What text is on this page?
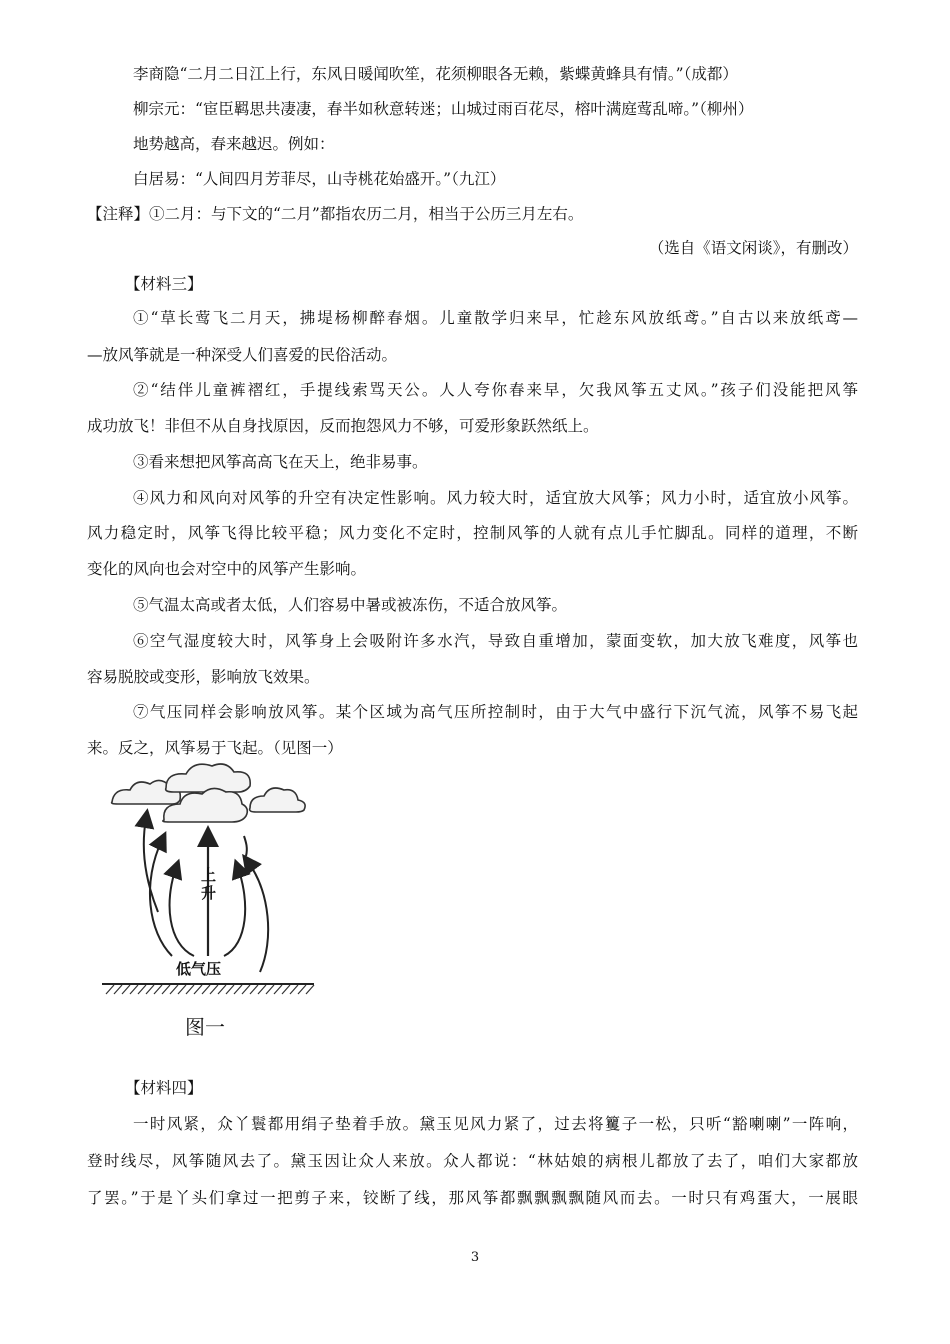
李商隐“二月二日江上行，东风日暖闻吹笙，花须柳眼各无赖，紫蝶黄蜂具有情。”（成都）
柳宗元：“宦臣羁思共凄凄，春半如秋意转迷；山城过雨百花尽，榕叶满庭莺乱啼。”（柳州）
地势越高，春来越迟。例如：
白居易：“人间四月芳菲尽，山寺桃花始盛开。”（九江）
【注释】①二月：与下文的“二月”都指农历二月，相当于公历三月左右。
（选自《语文闲谈》，有删改）
【材料三】
①“草长莺飞二月天，拂堤杨柳醉春烟。儿童散学归来早，忙趁东风放纸鸢。”自古以来放纸鸢—
—放风筝就是一种深受人们喜爱的民俗活动。
②“结伴儿童裤褶红，手提线索骂天公。人人夸你春来早，欠我风筝五丈风。”孩子们没能把风筝
成功放飞！非但不从自身找原因，反而抱怨风力不够，可爱形象跃然纸上。
③看来想把风筝高高飞在天上，绝非易事。
④风力和风向对风筝的升空有决定性影响。风力较大时，适宜放大风筝；风力小时，适宜放小风筝。
风力稳定时，风筝飞得比较平稳；风力变化不定时，控制风筝的人就有点儿手忙脚乱。同样的道理，不断
变化的风向也会对空中的风筝产生影响。
⑤气温太高或者太低，人们容易中暑或被冻伤，不适合放风筝。
⑥空气湿度较大时，风筝身上会吸附许多水汽，导致自重增加，蒙面变软，加大放飞难度，风筝也
容易脱胶或变形，影响放飞效果。
⑦气压同样会影响放风筝。某个区域为高气压所控制时，由于大气中盛行下沉气流，风筝不易飞起
来。反之，风筝易于飞起。（见图一）
上升
低气压
图一
【材料四】
一时风紧，众丫鬟都用绢子垫着手放。黛玉见风力紧了，过去将籰子一松，只听“豁喇喇”一阵响，
登时线尽，风筝随风去了。黛玉因让众人来放。众人都说：“林姑娘的病根儿都放了去了，咱们大家都放
了罢。”于是丫头们拿过一把剪子来，铰断了线，那风筝都飘飘飘飘随风而去。一时只有鸡蛋大，一展眼
3
